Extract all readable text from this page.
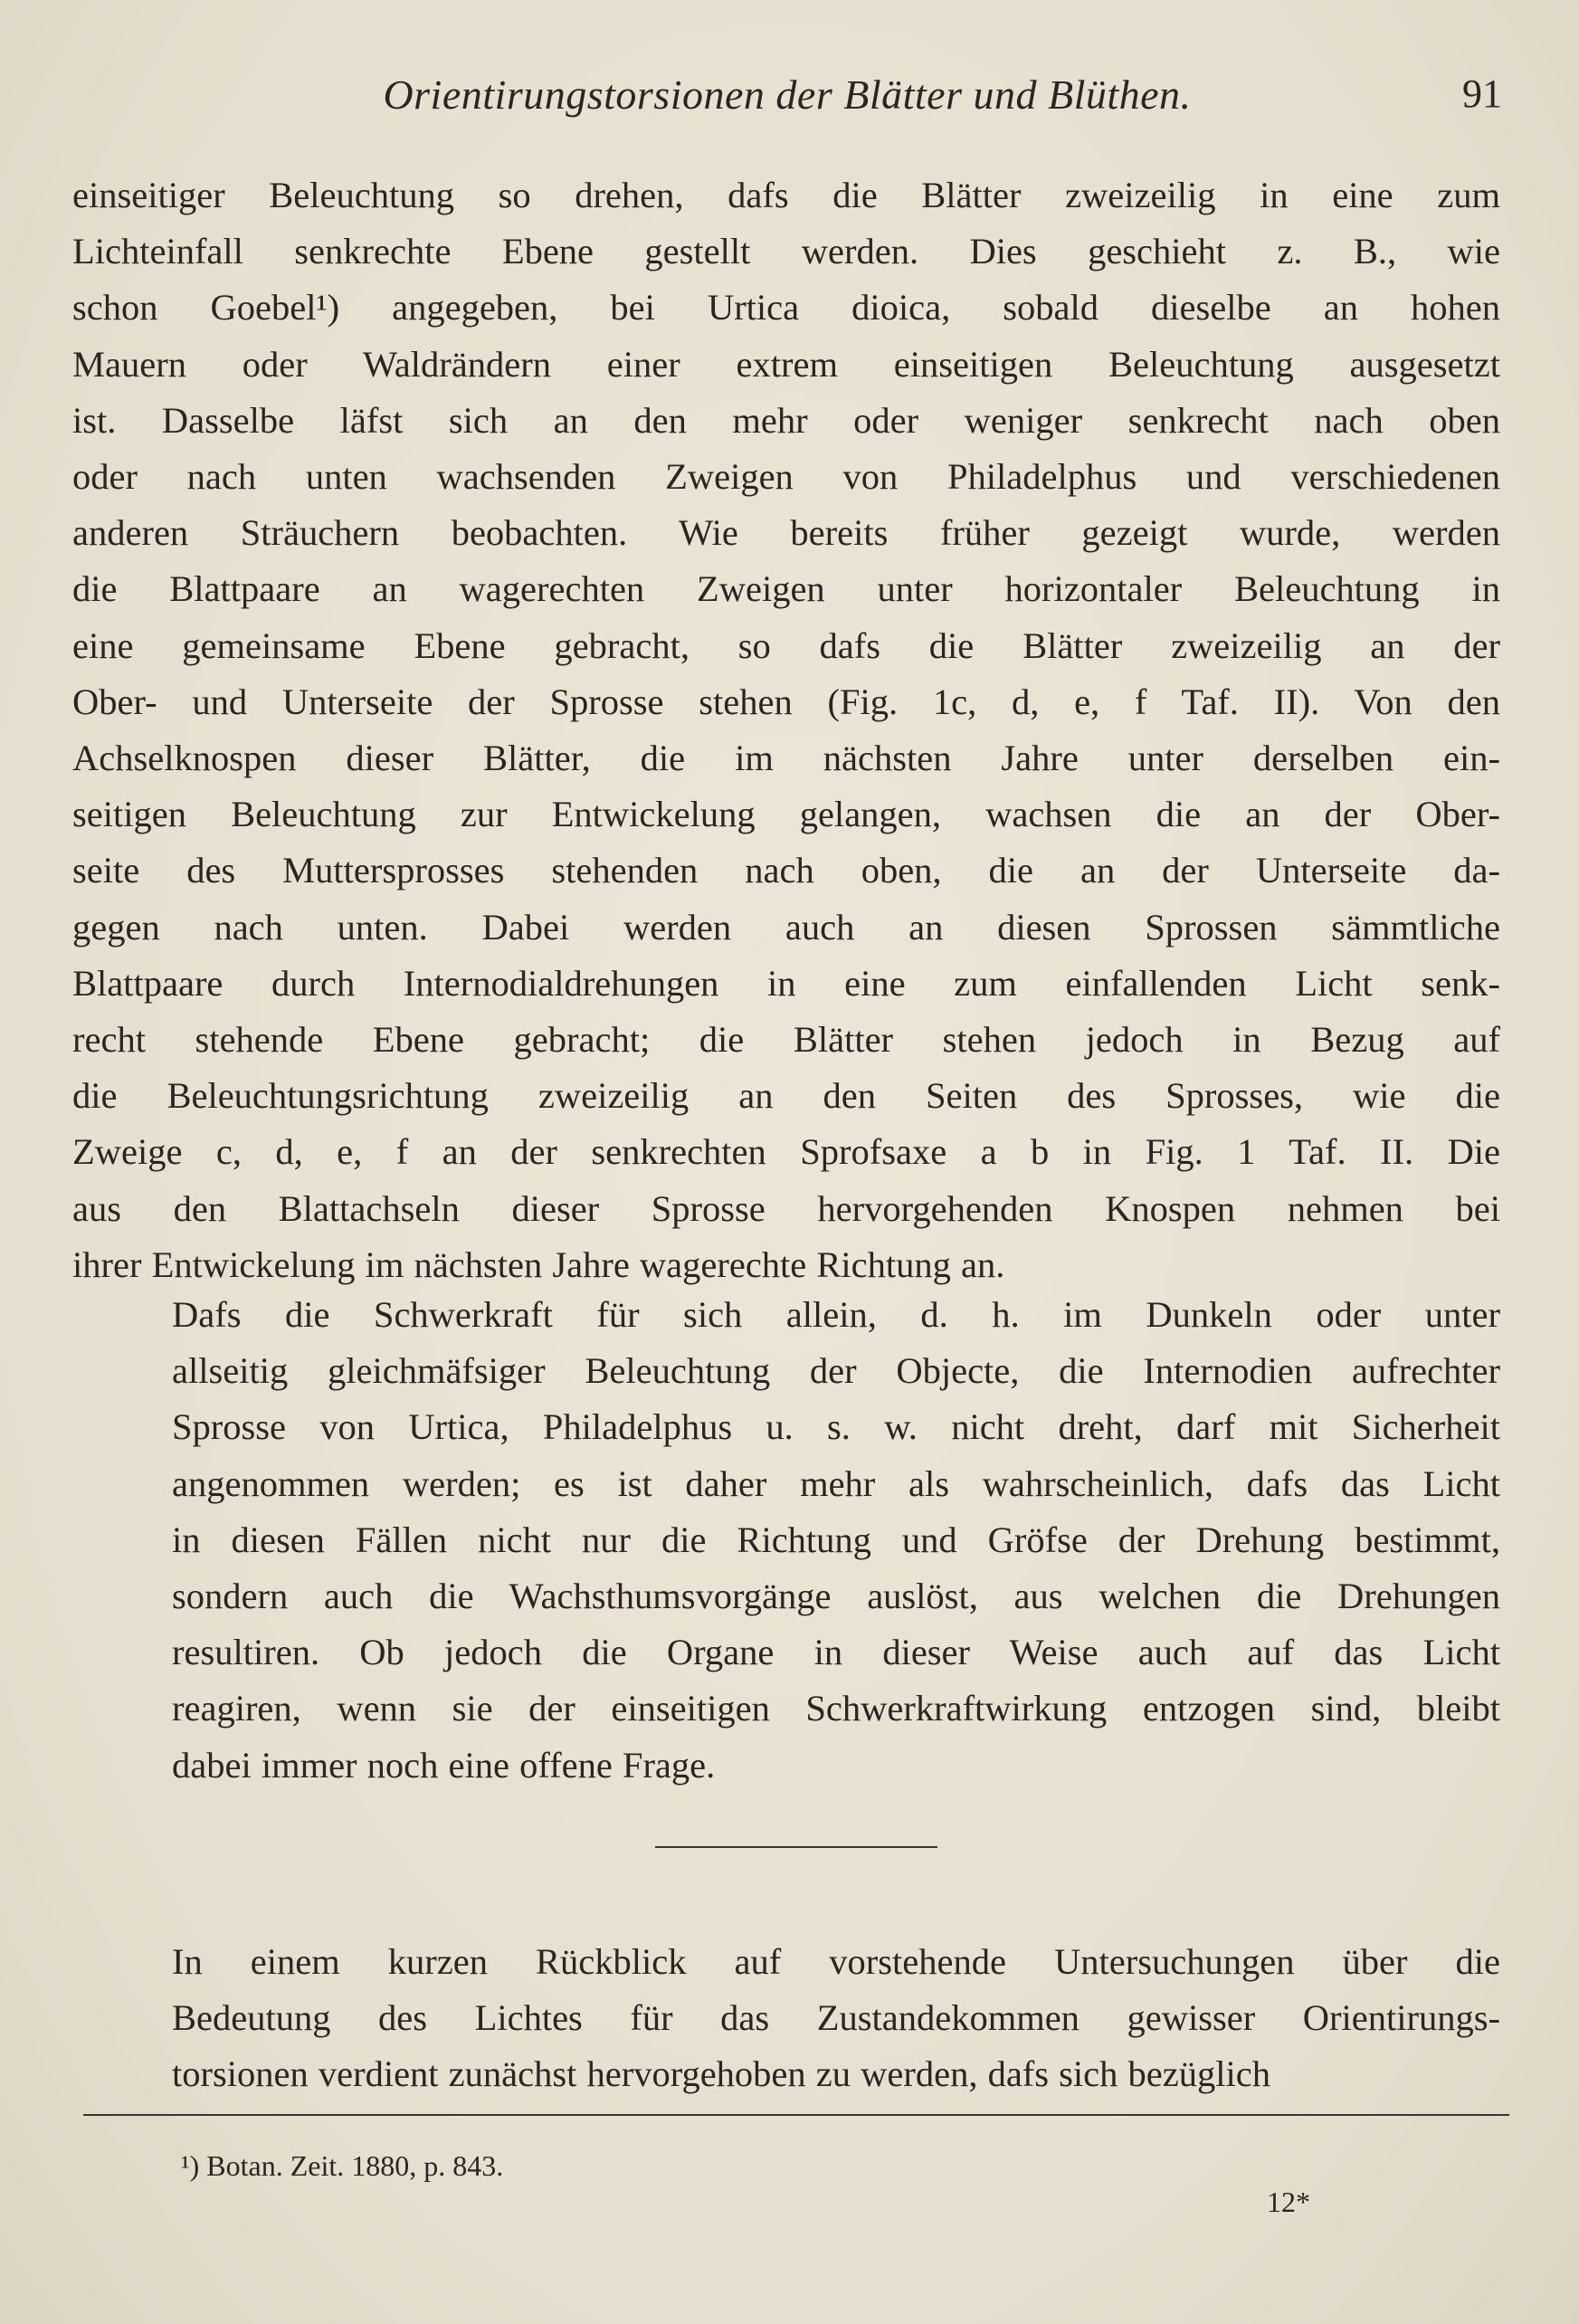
Orientirungstorsionen der Blätter und Blüthen.	91
einseitiger Beleuchtung so drehen, dafs die Blätter zweizeilig in eine zum
Lichteinfall senkrechte Ebene gestellt werden. Dies geschieht z. B., wie
schon Goebel¹) angegeben, bei Urtica dioica, sobald dieselbe an hohen
Mauern oder Waldrändern einer extrem einseitigen Beleuchtung ausgesetzt
ist. Dasselbe läfst sich an den mehr oder weniger senkrecht nach oben
oder nach unten wachsenden Zweigen von Philadelphus und verschiedenen
anderen Sträuchern beobachten. Wie bereits früher gezeigt wurde, werden
die Blattpaare an wagerechten Zweigen unter horizontaler Beleuchtung in
eine gemeinsame Ebene gebracht, so dafs die Blätter zweizeilig an der
Ober- und Unterseite der Sprosse stehen (Fig. 1c, d, e, f Taf. II). Von den
Achselknospen dieser Blätter, die im nächsten Jahre unter derselben ein-
seitigen Beleuchtung zur Entwickelung gelangen, wachsen die an der Ober-
seite des Muttersprosses stehenden nach oben, die an der Unterseite da-
gegen nach unten. Dabei werden auch an diesen Sprossen sämmtliche
Blattpaare durch Internodialdrehungen in eine zum einfallenden Licht senk-
recht stehende Ebene gebracht; die Blätter stehen jedoch in Bezug auf
die Beleuchtungsrichtung zweizeilig an den Seiten des Sprosses, wie die
Zweige c, d, e, f an der senkrechten Sprofsaxe a b in Fig. 1 Taf. II. Die
aus den Blattachseln dieser Sprosse hervorgehenden Knospen nehmen bei
ihrer Entwickelung im nächsten Jahre wagerechte Richtung an.
Dafs die Schwerkraft für sich allein, d. h. im Dunkeln oder unter
allseitig gleichmäfsiger Beleuchtung der Objecte, die Internodien aufrechter
Sprosse von Urtica, Philadelphus u. s. w. nicht dreht, darf mit Sicherheit
angenommen werden; es ist daher mehr als wahrscheinlich, dafs das Licht
in diesen Fällen nicht nur die Richtung und Gröfse der Drehung bestimmt,
sondern auch die Wachsthumsvorgänge auslöst, aus welchen die Drehungen
resultiren. Ob jedoch die Organe in dieser Weise auch auf das Licht
reagiren, wenn sie der einseitigen Schwerkraftwirkung entzogen sind, bleibt
dabei immer noch eine offene Frage.
In einem kurzen Rückblick auf vorstehende Untersuchungen über die
Bedeutung des Lichtes für das Zustandekommen gewisser Orientirungs-
torsionen verdient zunächst hervorgehoben zu werden, dafs sich bezüglich
¹) Botan. Zeit. 1880, p. 843.
12*
